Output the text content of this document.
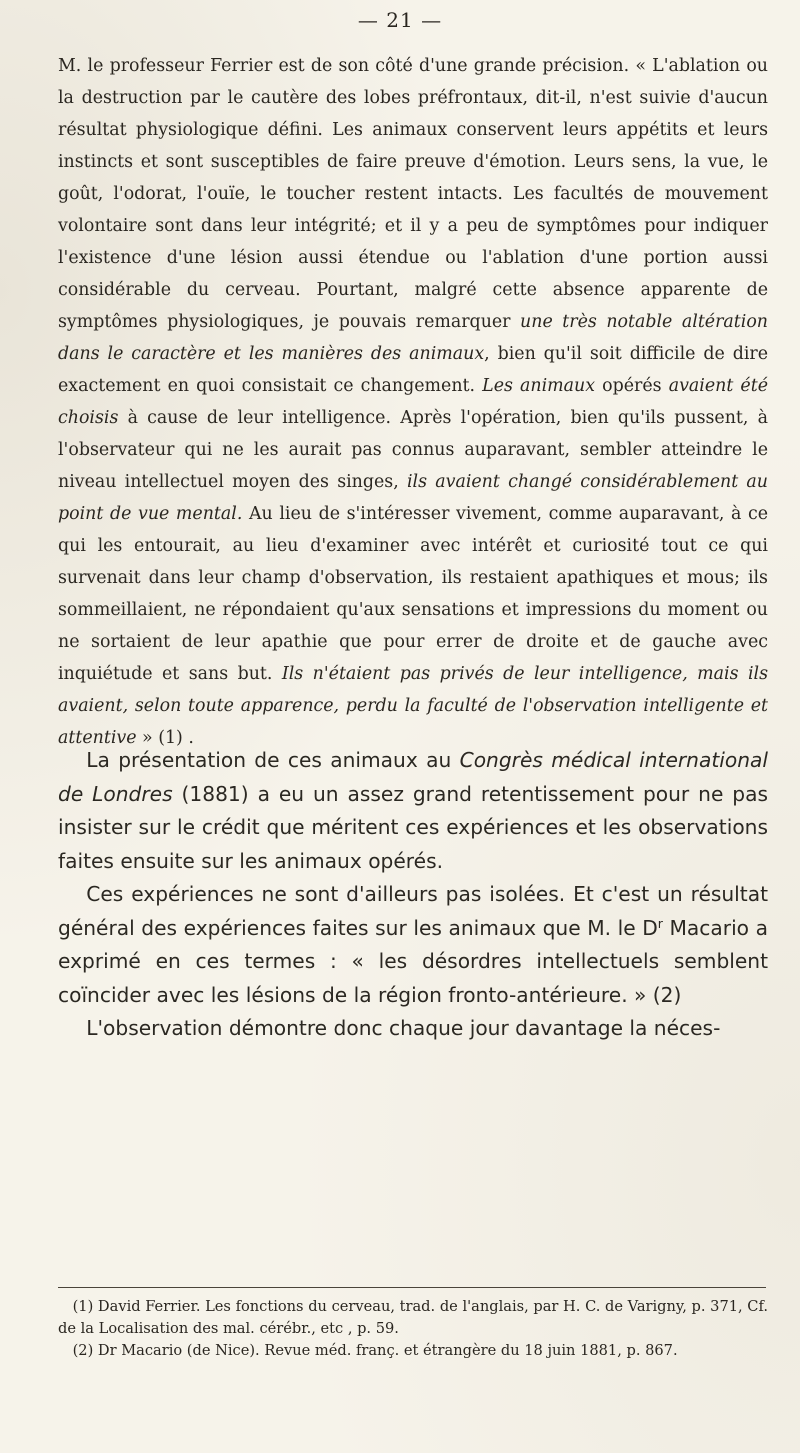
— 21 —

M. le professeur Ferrier est de son côté d'une grande précision. « L'ablation ou la destruction par le cautère des lobes préfrontaux, dit-il, n'est suivie d'aucun résultat physiologique défini. Les animaux conservent leurs appétits et leurs instincts et sont susceptibles de faire preuve d'émotion. Leurs sens, la vue, le goût, l'odorat, l'ouïe, le toucher restent intacts. Les facultés de mouvement volontaire sont dans leur intégrité; et il y a peu de symptômes pour indiquer l'existence d'une lésion aussi étendue ou l'ablation d'une portion aussi considérable du cerveau. Pourtant, malgré cette absence apparente de symptômes physiologiques, je pouvais remarquer une très notable altération dans le caractère et les manières des animaux, bien qu'il soit difficile de dire exactement en quoi consistait ce changement. Les animaux opérés avaient été choisis à cause de leur intelligence. Après l'opération, bien qu'ils pussent, à l'observateur qui ne les aurait pas connus auparavant, sembler atteindre le niveau intellectuel moyen des singes, ils avaient changé considérablement au point de vue mental. Au lieu de s'intéresser vivement, comme auparavant, à ce qui les entourait, au lieu d'examiner avec intérêt et curiosité tout ce qui survenait dans leur champ d'observation, ils restaient apathiques et mous; ils sommeillaient, ne répondaient qu'aux sensations et impressions du moment ou ne sortaient de leur apathie que pour errer de droite et de gauche avec inquiétude et sans but. Ils n'étaient pas privés de leur intelligence, mais ils avaient, selon toute apparence, perdu la faculté de l'observation intelligente et attentive » (1) .

La présentation de ces animaux au Congrès médical international de Londres (1881) a eu un assez grand retentissement pour ne pas insister sur le crédit que méritent ces expériences et les observations faites ensuite sur les animaux opérés.

Ces expériences ne sont d'ailleurs pas isolées. Et c'est un résultat général des expériences faites sur les animaux que M. le $D^r$ Macario a exprimé en ces termes : « les désordres intellectuels semblent coïncider avec les lésions de la région fronto-antérieure. » (2)

L'observation démontre donc chaque jour davantage la néces-

(1) David Ferrier. Les fonctions du cerveau, trad. de l'anglais, par H. C. de Varigny, p. 371, Cf. de la Localisation des mal. cérébr., etc , p. 59.

(2) Dr Macario (de Nice). Revue méd. franç. et étrangère du 18 juin 1881, p. 867.
